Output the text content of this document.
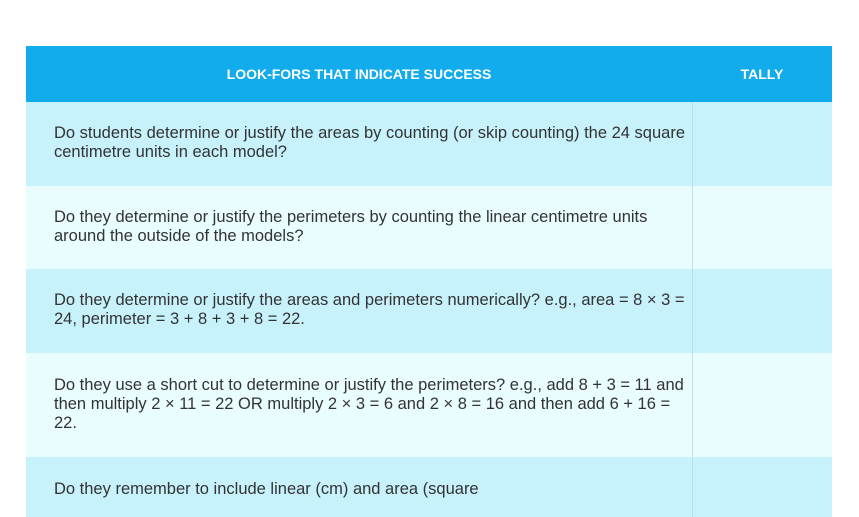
LOOK-FORS THAT INDICATE SUCCESS	TALLY
Do students determine or justify the areas by counting (or skip counting) the 24 square centimetre units in each model?
Do they determine or justify the perimeters by counting the linear centimetre units around the outside of the models?
Do they determine or justify the areas and perimeters numerically? e.g., area = 8 × 3 = 24, perimeter = 3 + 8 + 3 + 8 = 22.
Do they use a short cut to determine or justify the perimeters? e.g., add 8 + 3 = 11 and then multiply 2 × 11 = 22 OR multiply 2 × 3 = 6 and 2 × 8 = 16 and then add 6 + 16 = 22.
Do they remember to include linear (cm) and area (square
